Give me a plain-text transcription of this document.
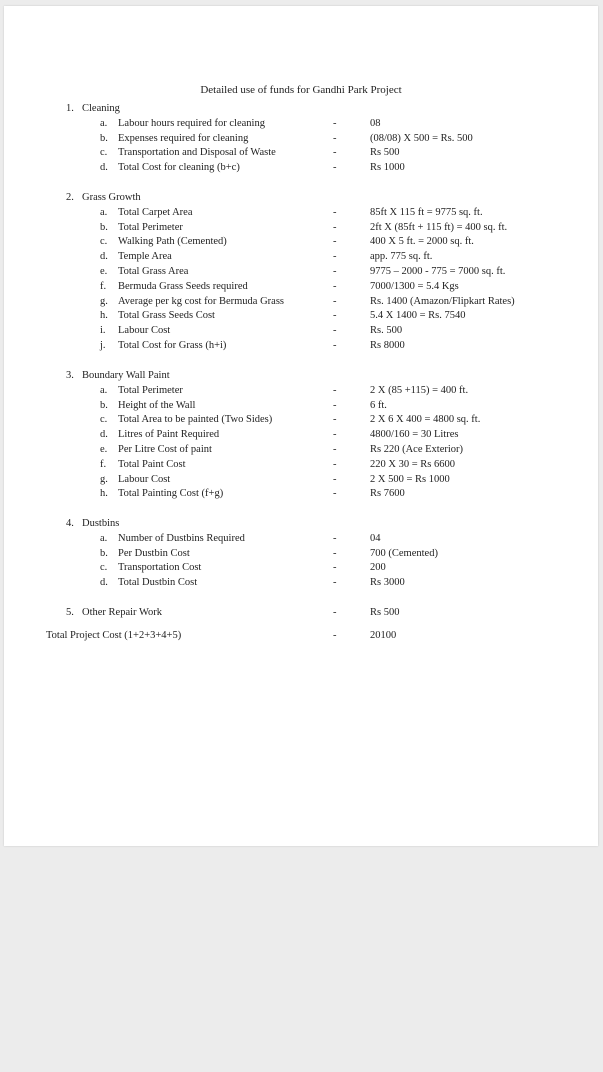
Detailed use of funds for Gandhi Park Project
1. Cleaning
a. Labour hours required for cleaning	-	08
b. Expenses required for cleaning	-	(08/08) X 500 = Rs. 500
c. Transportation and Disposal of Waste	-	Rs 500
d. Total Cost for cleaning (b+c)	-	Rs 1000
2. Grass Growth
a. Total Carpet Area	-	85ft X 115 ft = 9775 sq. ft.
b. Total Perimeter	-	2ft X (85ft + 115 ft) = 400 sq. ft.
c. Walking Path (Cemented)	-	400 X 5 ft. = 2000 sq. ft.
d. Temple Area	-	app. 775 sq. ft.
e. Total Grass Area	-	9775 – 2000 - 775 = 7000 sq. ft.
f. Bermuda Grass Seeds required	-	7000/1300 = 5.4 Kgs
g. Average per kg cost for Bermuda Grass	-	Rs. 1400 (Amazon/Flipkart Rates)
h. Total Grass Seeds Cost	-	5.4 X 1400 = Rs. 7540
i. Labour Cost	-	Rs. 500
j. Total Cost for Grass (h+i)	-	Rs 8000
3. Boundary Wall Paint
a. Total Perimeter	-	2 X (85 +115) = 400 ft.
b. Height of the Wall	-	6 ft.
c. Total Area to be painted (Two Sides)	-	2 X 6 X 400 = 4800 sq. ft.
d. Litres of Paint Required	-	4800/160 = 30 Litres
e. Per Litre Cost of paint	-	Rs 220 (Ace Exterior)
f. Total Paint Cost	-	220 X 30 = Rs 6600
g. Labour Cost	-	2 X 500 = Rs 1000
h. Total Painting Cost (f+g)	-	Rs 7600
4. Dustbins
a. Number of Dustbins Required	-	04
b. Per Dustbin Cost	-	700 (Cemented)
c. Transportation Cost	-	200
d. Total Dustbin Cost	-	Rs 3000
5. Other Repair Work	-	Rs 500
Total Project Cost (1+2+3+4+5)	-	20100
